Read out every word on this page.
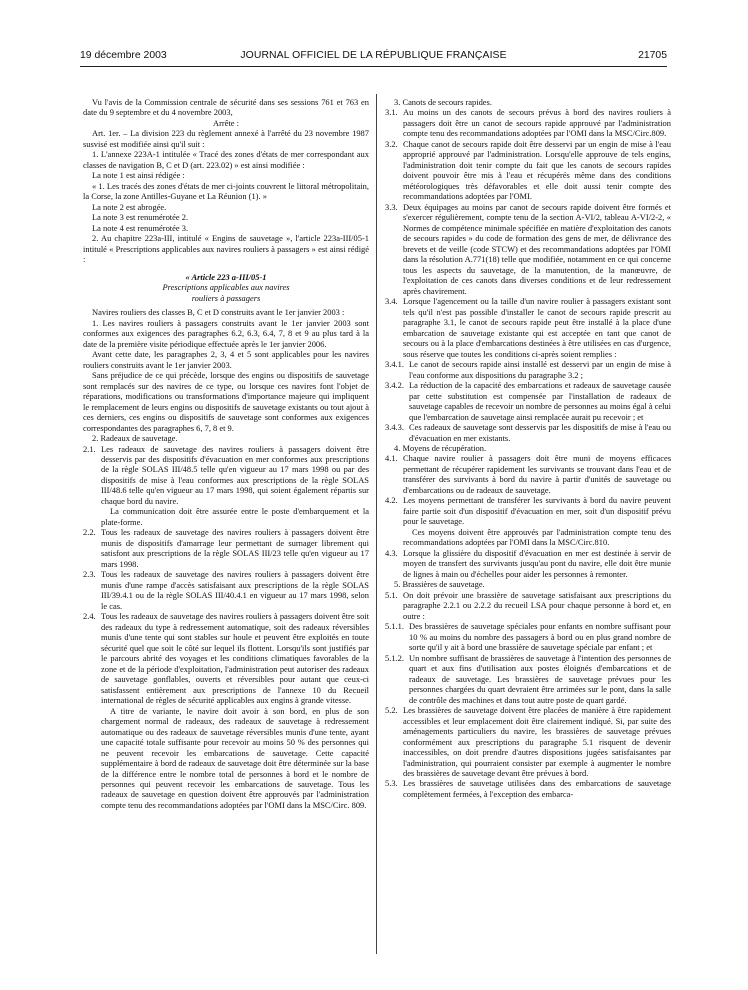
19 décembre 2003	JOURNAL OFFICIEL DE LA RÉPUBLIQUE FRANÇAISE	21705

Vu l'avis de la Commission centrale de sécurité dans ses sessions 761 et 763 en date du 9 septembre et du 4 novembre 2003,

Arrête :

Art. 1er. – La division 223 du règlement annexé à l'arrêté du 23 novembre 1987 susvisé est modifiée ainsi qu'il suit :

1. L'annexe 223A-1 intitulée « Tracé des zones d'états de mer correspondant aux classes de navigation B, C et D (art. 223.02) » est ainsi modifiée :

La note 1 est ainsi rédigée :

« 1. Les tracés des zones d'états de mer ci-joints couvrent le littoral métropolitain, la Corse, la zone Antilles-Guyane et La Réunion (1). »

La note 2 est abrogée.

La note 3 est renumérotée 2.

La note 4 est renumérotée 3.

2. Au chapitre 223a-III, intitulé « Engins de sauvetage », l'article 223a-III/05-1 intitulé « Prescriptions applicables aux navires rouliers à passagers » est ainsi rédigé :

« Article 223 a-III/05-1

Prescriptions applicables aux navires rouliers à passagers

Navires rouliers des classes B, C et D construits avant le 1er janvier 2003 :

1. Les navires rouliers à passagers construits avant le 1er janvier 2003 sont conformes aux exigences des paragraphes 6.2, 6.3, 6.4, 7, 8 et 9 au plus tard à la date de la première visite périodique effectuée après le 1er janvier 2006.

Avant cette date, les paragraphes 2, 3, 4 et 5 sont applicables pour les navires rouliers construits avant le 1er janvier 2003.

Sans préjudice de ce qui précède, lorsque des engins ou dispositifs de sauvetage sont remplacés sur des navires de ce type, ou lorsque ces navires font l'objet de réparations, modifications ou transformations d'importance majeure qui impliquent le remplacement de leurs engins ou dispositifs de sauvetage existants ou tout ajout à ces derniers, ces engins ou dispositifs de sauvetage sont conformes aux exigences correspondantes des paragraphes 6, 7, 8 et 9.

2. Radeaux de sauvetage.

2.1. Les radeaux de sauvetage des navires rouliers à passagers doivent être desservis par des dispositifs d'évacuation en mer conformes aux prescriptions de la règle SOLAS III/48.5 telle qu'en vigueur au 17 mars 1998 ou par des dispositifs de mise à l'eau conformes aux prescriptions de la règle SOLAS III/48.6 telle qu'en vigueur au 17 mars 1998, qui soient également répartis sur chaque bord du navire.

La communication doit être assurée entre le poste d'embarquement et la plate-forme.

2.2. Tous les radeaux de sauvetage des navires rouliers à passagers doivent être munis de dispositifs d'amarrage leur permettant de surnager librement qui satisfont aux prescriptions de la règle SOLAS III/23 telle qu'en vigueur au 17 mars 1998.
2.3. Tous les radeaux de sauvetage des navires rouliers à passagers doivent être munis d'une rampe d'accès satisfaisant aux prescriptions de la règle SOLAS III/39.4.1 ou de la règle SOLAS III/40.4.1 en vigueur au 17 mars 1998, selon le cas.
2.4. Tous les radeaux de sauvetage des navires rouliers à passagers doivent être soit des radeaux du type à redressement automatique, soit des radeaux réversibles munis d'une tente qui sont stables sur houle et peuvent être exploités en toute sécurité quel que soit le côté sur lequel ils flottent. Lorsqu'ils sont justifiés par le parcours abrité des voyages et les conditions climatiques favorables de la zone et de la période d'exploitation, l'administration peut autoriser des radeaux de sauvetage gonflables, ouverts et réversibles pour autant que ceux-ci satisfassent entièrement aux prescriptions de l'annexe 10 du Recueil international de règles de sécurité applicables aux engins à grande vitesse.

A titre de variante, le navire doit avoir à son bord, en plus de son chargement normal de radeaux, des radeaux de sauvetage à redressement automatique ou des radeaux de sauvetage réversibles munis d'une tente, ayant une capacité totale suffisante pour recevoir au moins 50 % des personnes qui ne peuvent recevoir les embarcations de sauvetage. Cette capacité supplémentaire à bord de radeaux de sauvetage doit être déterminée sur la base de la différence entre le nombre total de personnes à bord et le nombre de personnes qui peuvent recevoir les embarcations de sauvetage. Tous les radeaux de sauvetage en question doivent être approuvés par l'administration compte tenu des recommandations adoptées par l'OMI dans la MSC/Circ. 809.

3. Canots de secours rapides.

3.1. Au moins un des canots de secours prévus à bord des navires rouliers à passagers doit être un canot de secours rapide approuvé par l'administration compte tenu des recommandations adoptées par l'OMI dans la MSC/Circ.809.
3.2. Chaque canot de secours rapide doit être desservi par un engin de mise à l'eau approprié approuvé par l'administration. Lorsqu'elle approuve de tels engins, l'administration doit tenir compte du fait que les canots de secours rapides doivent pouvoir être mis à l'eau et récupérés même dans des conditions météorologiques très défavorables et elle doit aussi tenir compte des recommandations adoptées par l'OMI.
3.3. Deux équipages au moins par canot de secours rapide doivent être formés et s'exercer régulièrement, compte tenu de la section A-VI/2, tableau A-VI/2-2, « Normes de compétence minimale spécifiée en matière d'exploitation des canots de secours rapides » du code de formation des gens de mer, de délivrance des brevets et de veille (code STCW) et des recommandations adoptées par l'OMI dans la résolution A.771(18) telle que modifiée, notamment en ce qui concerne tous les aspects du sauvetage, de la manutention, de la manœuvre, de l'exploitation de ces canots dans diverses conditions et de leur redressement après chavirement.
3.4. Lorsque l'agencement ou la taille d'un navire roulier à passagers existant sont tels qu'il n'est pas possible d'installer le canot de secours rapide prescrit au paragraphe 3.1, le canot de secours rapide peut être installé à la place d'une embarcation de sauvetage existante qui est acceptée en tant que canot de secours ou à la place d'embarcations destinées à être utilisées en cas d'urgence, sous réserve que toutes les conditions ci-après soient remplies :
3.4.1. Le canot de secours rapide ainsi installé est desservi par un engin de mise à l'eau conforme aux dispositions du paragraphe 3.2 ;
3.4.2. La réduction de la capacité des embarcations et radeaux de sauvetage causée par cette substitution est compensée par l'installation de radeaux de sauvetage capables de recevoir un nombre de personnes au moins égal à celui que l'embarcation de sauvetage ainsi remplacée aurait pu recevoir ; et
3.4.3. Ces radeaux de sauvetage sont desservis par les dispositifs de mise à l'eau ou d'évacuation en mer existants.

4. Moyens de récupération.

4.1. Chaque navire roulier à passagers doit être muni de moyens efficaces permettant de récupérer rapidement les survivants se trouvant dans l'eau et de transférer des survivants à bord du navire à partir d'unités de sauvetage ou d'embarcations ou de radeaux de sauvetage.
4.2. Les moyens permettant de transférer les survivants à bord du navire peuvent faire partie soit d'un dispositif d'évacuation en mer, soit d'un dispositif prévu pour le sauvetage.

Ces moyens doivent être approuvés par l'administration compte tenu des recommandations adoptées par l'OMI dans la MSC/Circ.810.

4.3. Lorsque la glissière du dispositif d'évacuation en mer est destinée à servir de moyen de transfert des survivants jusqu'au pont du navire, elle doit être munie de lignes à main ou d'échelles pour aider les personnes à remonter.

5. Brassières de sauvetage.

5.1. On doit prévoir une brassière de sauvetage satisfaisant aux prescriptions du paragraphe 2.2.1 ou 2.2.2 du recueil LSA pour chaque personne à bord et, en outre :
5.1.1. Des brassières de sauvetage spéciales pour enfants en nombre suffisant pour 10 % au moins du nombre des passagers à bord ou en plus grand nombre de sorte qu'il y ait à bord une brassière de sauvetage spéciale par enfant ; et
5.1.2. Un nombre suffisant de brassières de sauvetage à l'intention des personnes de quart et aux fins d'utilisation aux postes éloignés d'embarcations et de radeaux de sauvetage. Les brassières de sauvetage prévues pour les personnes chargées du quart devraient être arrimées sur le pont, dans la salle de contrôle des machines et dans tout autre poste de quart gardé.
5.2. Les brassières de sauvetage doivent être placées de manière à être rapidement accessibles et leur emplacement doit être clairement indiqué. Si, par suite des aménagements particuliers du navire, les brassières de sauvetage prévues conformément aux prescriptions du paragraphe 5.1 risquent de devenir inaccessibles, on doit prendre d'autres dispositions jugées satisfaisantes par l'administration, qui pourraient consister par exemple à augmenter le nombre des brassières de sauvetage devant être prévues à bord.
5.3. Les brassières de sauvetage utilisées dans des embarcations de sauvetage complètement fermées, à l'exception des embarca-
